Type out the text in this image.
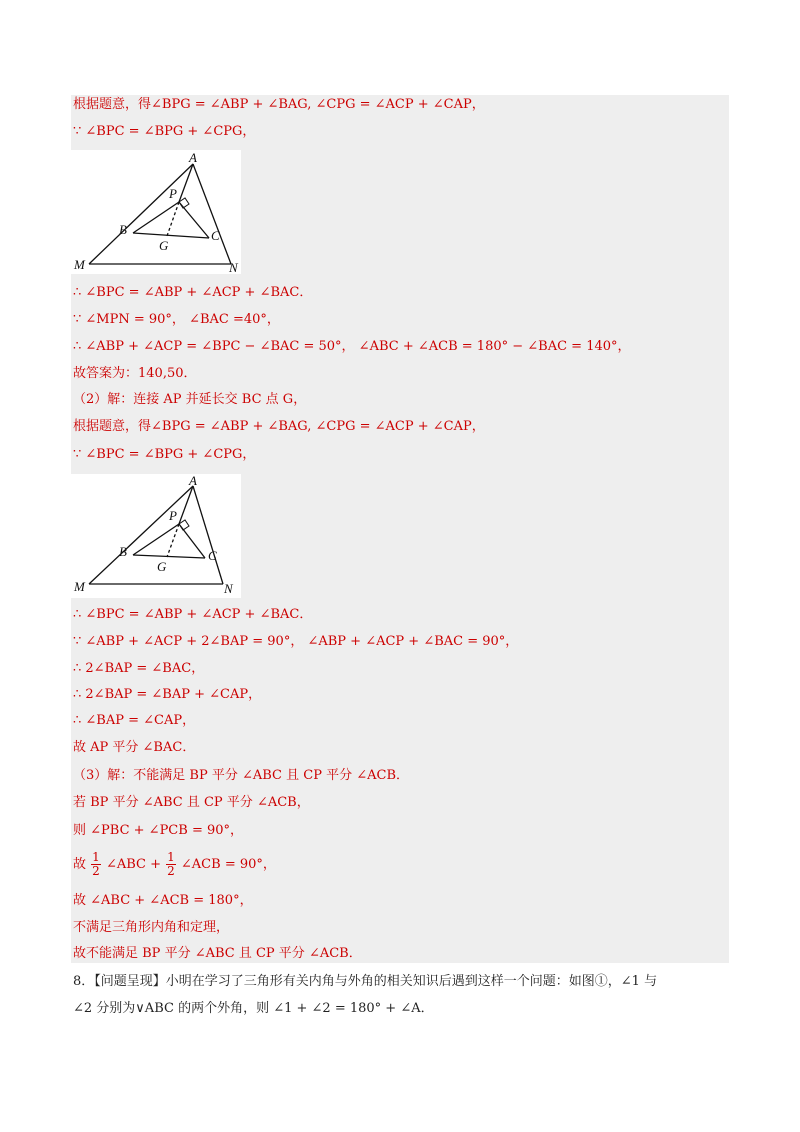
根据题意，得∠BPG = ∠ABP + ∠BAG, ∠CPG = ∠ACP + ∠CAP，
∵ ∠BPC = ∠BPG + ∠CPG，
A
P
B	C
G
M	N
∴ ∠BPC = ∠ABP + ∠ACP + ∠BAC．
∵ ∠MPN = 90°， ∠BAC =40°，
∴ ∠ABP + ∠ACP = ∠BPC − ∠BAC = 50°， ∠ABC + ∠ACB = 180° − ∠BAC = 140°，
故答案为：140,50．
（2）解：连接 AP 并延长交 BC 点 G，
根据题意，得∠BPG = ∠ABP + ∠BAG, ∠CPG = ∠ACP + ∠CAP，
∵ ∠BPC = ∠BPG + ∠CPG，
A
P
B	C
G
M	N
∴ ∠BPC = ∠ABP + ∠ACP + ∠BAC．
∵ ∠ABP + ∠ACP + 2∠BAP = 90°， ∠ABP + ∠ACP + ∠BAC = 90°，
∴ 2∠BAP = ∠BAC，
∴ 2∠BAP = ∠BAP + ∠CAP，
∴ ∠BAP = ∠CAP，
故 AP 平分 ∠BAC．
（3）解：不能满足 BP 平分 ∠ABC 且 CP 平分 ∠ACB．
若 BP 平分 ∠ABC 且 CP 平分 ∠ACB，
则 ∠PBC + ∠PCB = 90°，
故 $\frac{1}{2}$ ∠ABC + $\frac{1}{2}$ ∠ACB = 90°，
故 ∠ABC + ∠ACB = 180°，
不满足三角形内角和定理，
故不能满足 BP 平分 ∠ABC 且 CP 平分 ∠ACB．
8．【问题呈现】小明在学习了三角形有关内角与外角的相关知识后遇到这样一个问题：如图①，∠1 与
∠2 分别为∨ABC 的两个外角，则 ∠1 + ∠2 = 180° + ∠A．
